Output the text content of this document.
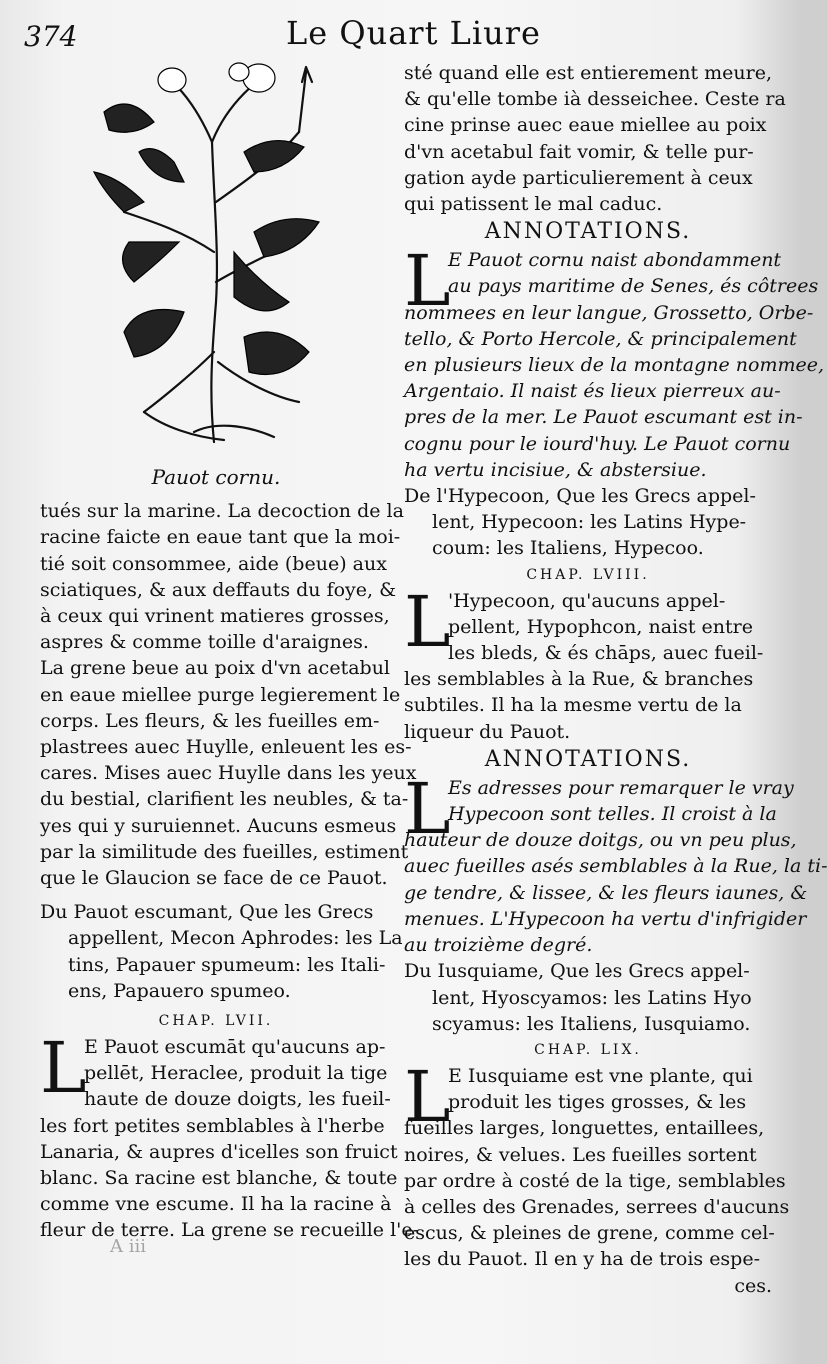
374	Le Quart Liure
Pauot cornu.
tués sur la marine. La decoction de la
racine faicte en eaue tant que la moi-
tié soit consommee, aide (beue) aux
sciatiques, & aux deffauts du foye, &
à ceux qui vrinent matieres grosses,
aspres & comme toille d'araignes.
La grene beue au poix d'vn acetabul
en eaue miellee purge legierement le
corps. Les fleurs, & les fueilles em-
plastrees auec Huylle, enleuent les es-
cares. Mises auec Huylle dans les yeux
du bestial, clarifient les neubles, & ta-
yes qui y suruiennet. Aucuns esmeus
par la similitude des fueilles, estiment
que le Glaucion se face de ce Pauot.
Du Pauot escumant, Que les Grecs
appellent, Mecon Aphrodes: les La
tins, Papauer spumeum: les Itali-
ens, Papauero spumeo.
CHAP. LVII.
L
E Pauot escumāt qu'aucuns ap-
pellēt, Heraclee, produit la tige
haute de douze doigts, les fueil-
les fort petites semblables à l'herbe
Lanaria, & aupres d'icelles son fruict
blanc. Sa racine est blanche, & toute
comme vne escume. Il ha la racine à
fleur de terre. La grene se recueille l'e-
A iii
sté quand elle est entierement meure,
& qu'elle tombe ià desseichee. Ceste ra
cine prinse auec eaue miellee au poix
d'vn acetabul fait vomir, & telle pur-
gation ayde particulierement à ceux
qui patissent le mal caduc.
ANNOTATIONS.
L
E Pauot cornu naist abondamment
au pays maritime de Senes, és côtrees
nommees en leur langue, Grossetto, Orbe-
tello, & Porto Hercole, & principalement
en plusieurs lieux de la montagne nommee,
Argentaio. Il naist és lieux pierreux au-
pres de la mer. Le Pauot escumant est in-
cognu pour le iourd'huy. Le Pauot cornu
ha vertu incisiue, & abstersiue.
De l'Hypecoon, Que les Grecs appel-
lent, Hypecoon: les Latins Hype-
coum: les Italiens, Hypecoo.
CHAP. LVIII.
L
'Hypecoon, qu'aucuns appel-
pellent, Hypophcon, naist entre
les bleds, & és chāps, auec fueil-
les semblables à la Rue, & branches
subtiles. Il ha la mesme vertu de la
liqueur du Pauot.
ANNOTATIONS.
L
Es adresses pour remarquer le vray
Hypecoon sont telles. Il croist à la
hauteur de douze doitgs, ou vn peu plus,
auec fueilles asés semblables à la Rue, la ti-
ge tendre, & lissee, & les fleurs iaunes, &
menues. L'Hypecoon ha vertu d'infrigider
au troizième degré.
Du Iusquiame, Que les Grecs appel-
lent, Hyoscyamos: les Latins Hyo
scyamus: les Italiens, Iusquiamo.
CHAP. LIX.
L
E Iusquiame est vne plante, qui
produit les tiges grosses, & les
fueilles larges, longuettes, entaillees,
noires, & velues. Les fueilles sortent
par ordre à costé de la tige, semblables
à celles des Grenades, serrees d'aucuns
escus, & pleines de grene, comme cel-
les du Pauot. Il en y ha de trois espe-
ces.
